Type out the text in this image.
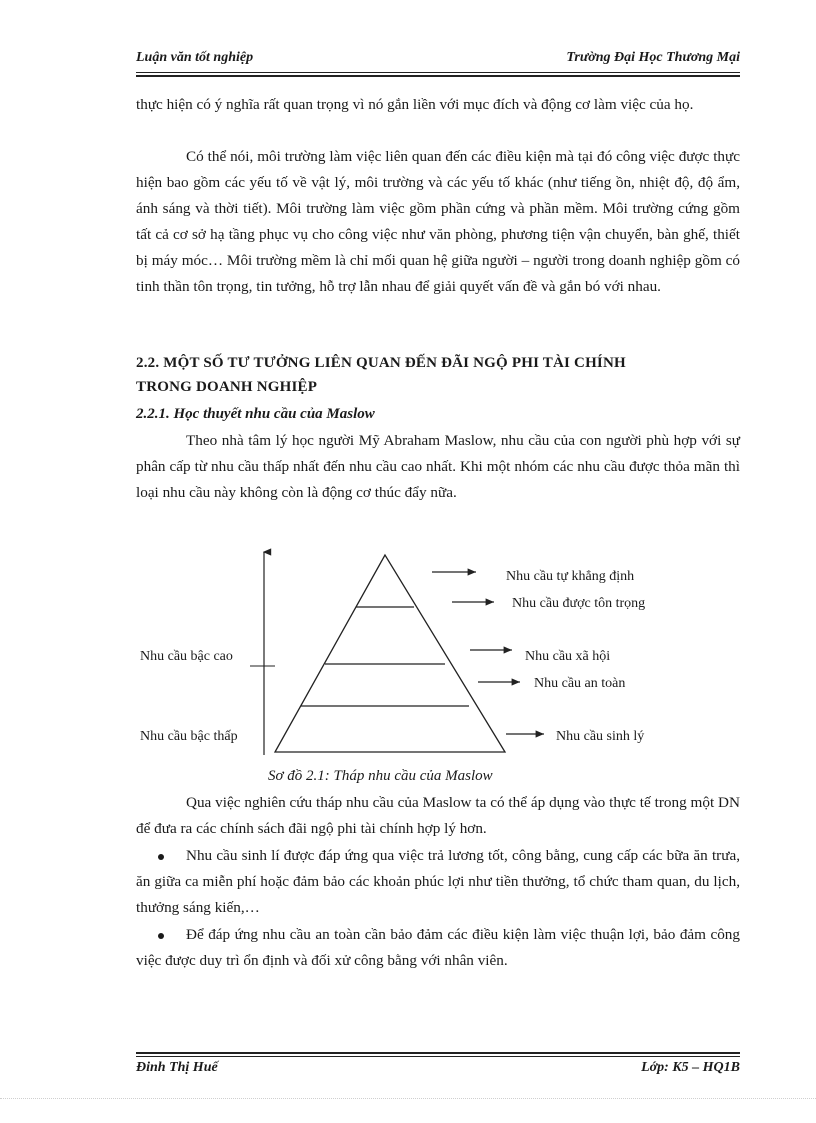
Luận văn tốt nghiệp	Trường Đại Học Thương Mại

thực hiện có ý nghĩa rất quan trọng vì nó gắn liền với mục đích và động cơ làm việc của họ.

Có thể nói, môi trường làm việc liên quan đến các điều kiện mà tại đó công việc được thực hiện bao gồm các yếu tố về vật lý, môi trường và các yếu tố khác (như tiếng ồn, nhiệt độ, độ ẩm, ánh sáng và thời tiết). Môi trường làm việc gồm phần cứng và phần mềm. Môi trường cứng gồm tất cả cơ sở hạ tầng phục vụ cho công việc như văn phòng, phương tiện vận chuyển, bàn ghế, thiết bị máy móc… Môi trường mềm là chỉ mối quan hệ giữa người – người trong doanh nghiệp gồm có tinh thần tôn trọng, tin tưởng, hỗ trợ lẫn nhau để giải quyết vấn đề và gắn bó với nhau.

2.2. MỘT SỐ TƯ TƯỞNG LIÊN QUAN ĐẾN ĐÃI NGỘ PHI TÀI CHÍNH

TRONG DOANH NGHIỆP

2.2.1. Học thuyết nhu cầu của Maslow

Theo nhà tâm lý học người Mỹ Abraham Maslow, nhu cầu của con người phù hợp với sự phân cấp từ nhu cầu thấp nhất đến nhu cầu cao nhất. Khi một nhóm các nhu cầu được thỏa mãn thì loại nhu cầu này không còn là động cơ thúc đẩy nữa.

Nhu cầu tự khẳng định
Nhu cầu được tôn trọng
Nhu cầu xã hội
Nhu cầu an toàn
Nhu cầu sinh lý
Nhu cầu bậc cao
Nhu cầu bậc thấp
Sơ đồ 2.1: Tháp nhu cầu của Maslow

Qua việc nghiên cứu tháp nhu cầu của Maslow ta có thể áp dụng vào thực tế trong một DN để đưa ra các chính sách đãi ngộ phi tài chính hợp lý hơn.

Nhu cầu sinh lí được đáp ứng qua việc trả lương tốt, công bằng, cung cấp các bữa ăn trưa, ăn giữa ca miễn phí hoặc đảm bảo các khoản phúc lợi như tiền thưởng, tổ chức tham quan, du lịch, thưởng sáng kiến,…

Để đáp ứng nhu cầu an toàn cần bảo đảm các điều kiện làm việc thuận lợi, bảo đảm công việc được duy trì ổn định và đối xử công bằng với nhân viên.

Đinh Thị Huế	Lớp: K5 – HQ1B
